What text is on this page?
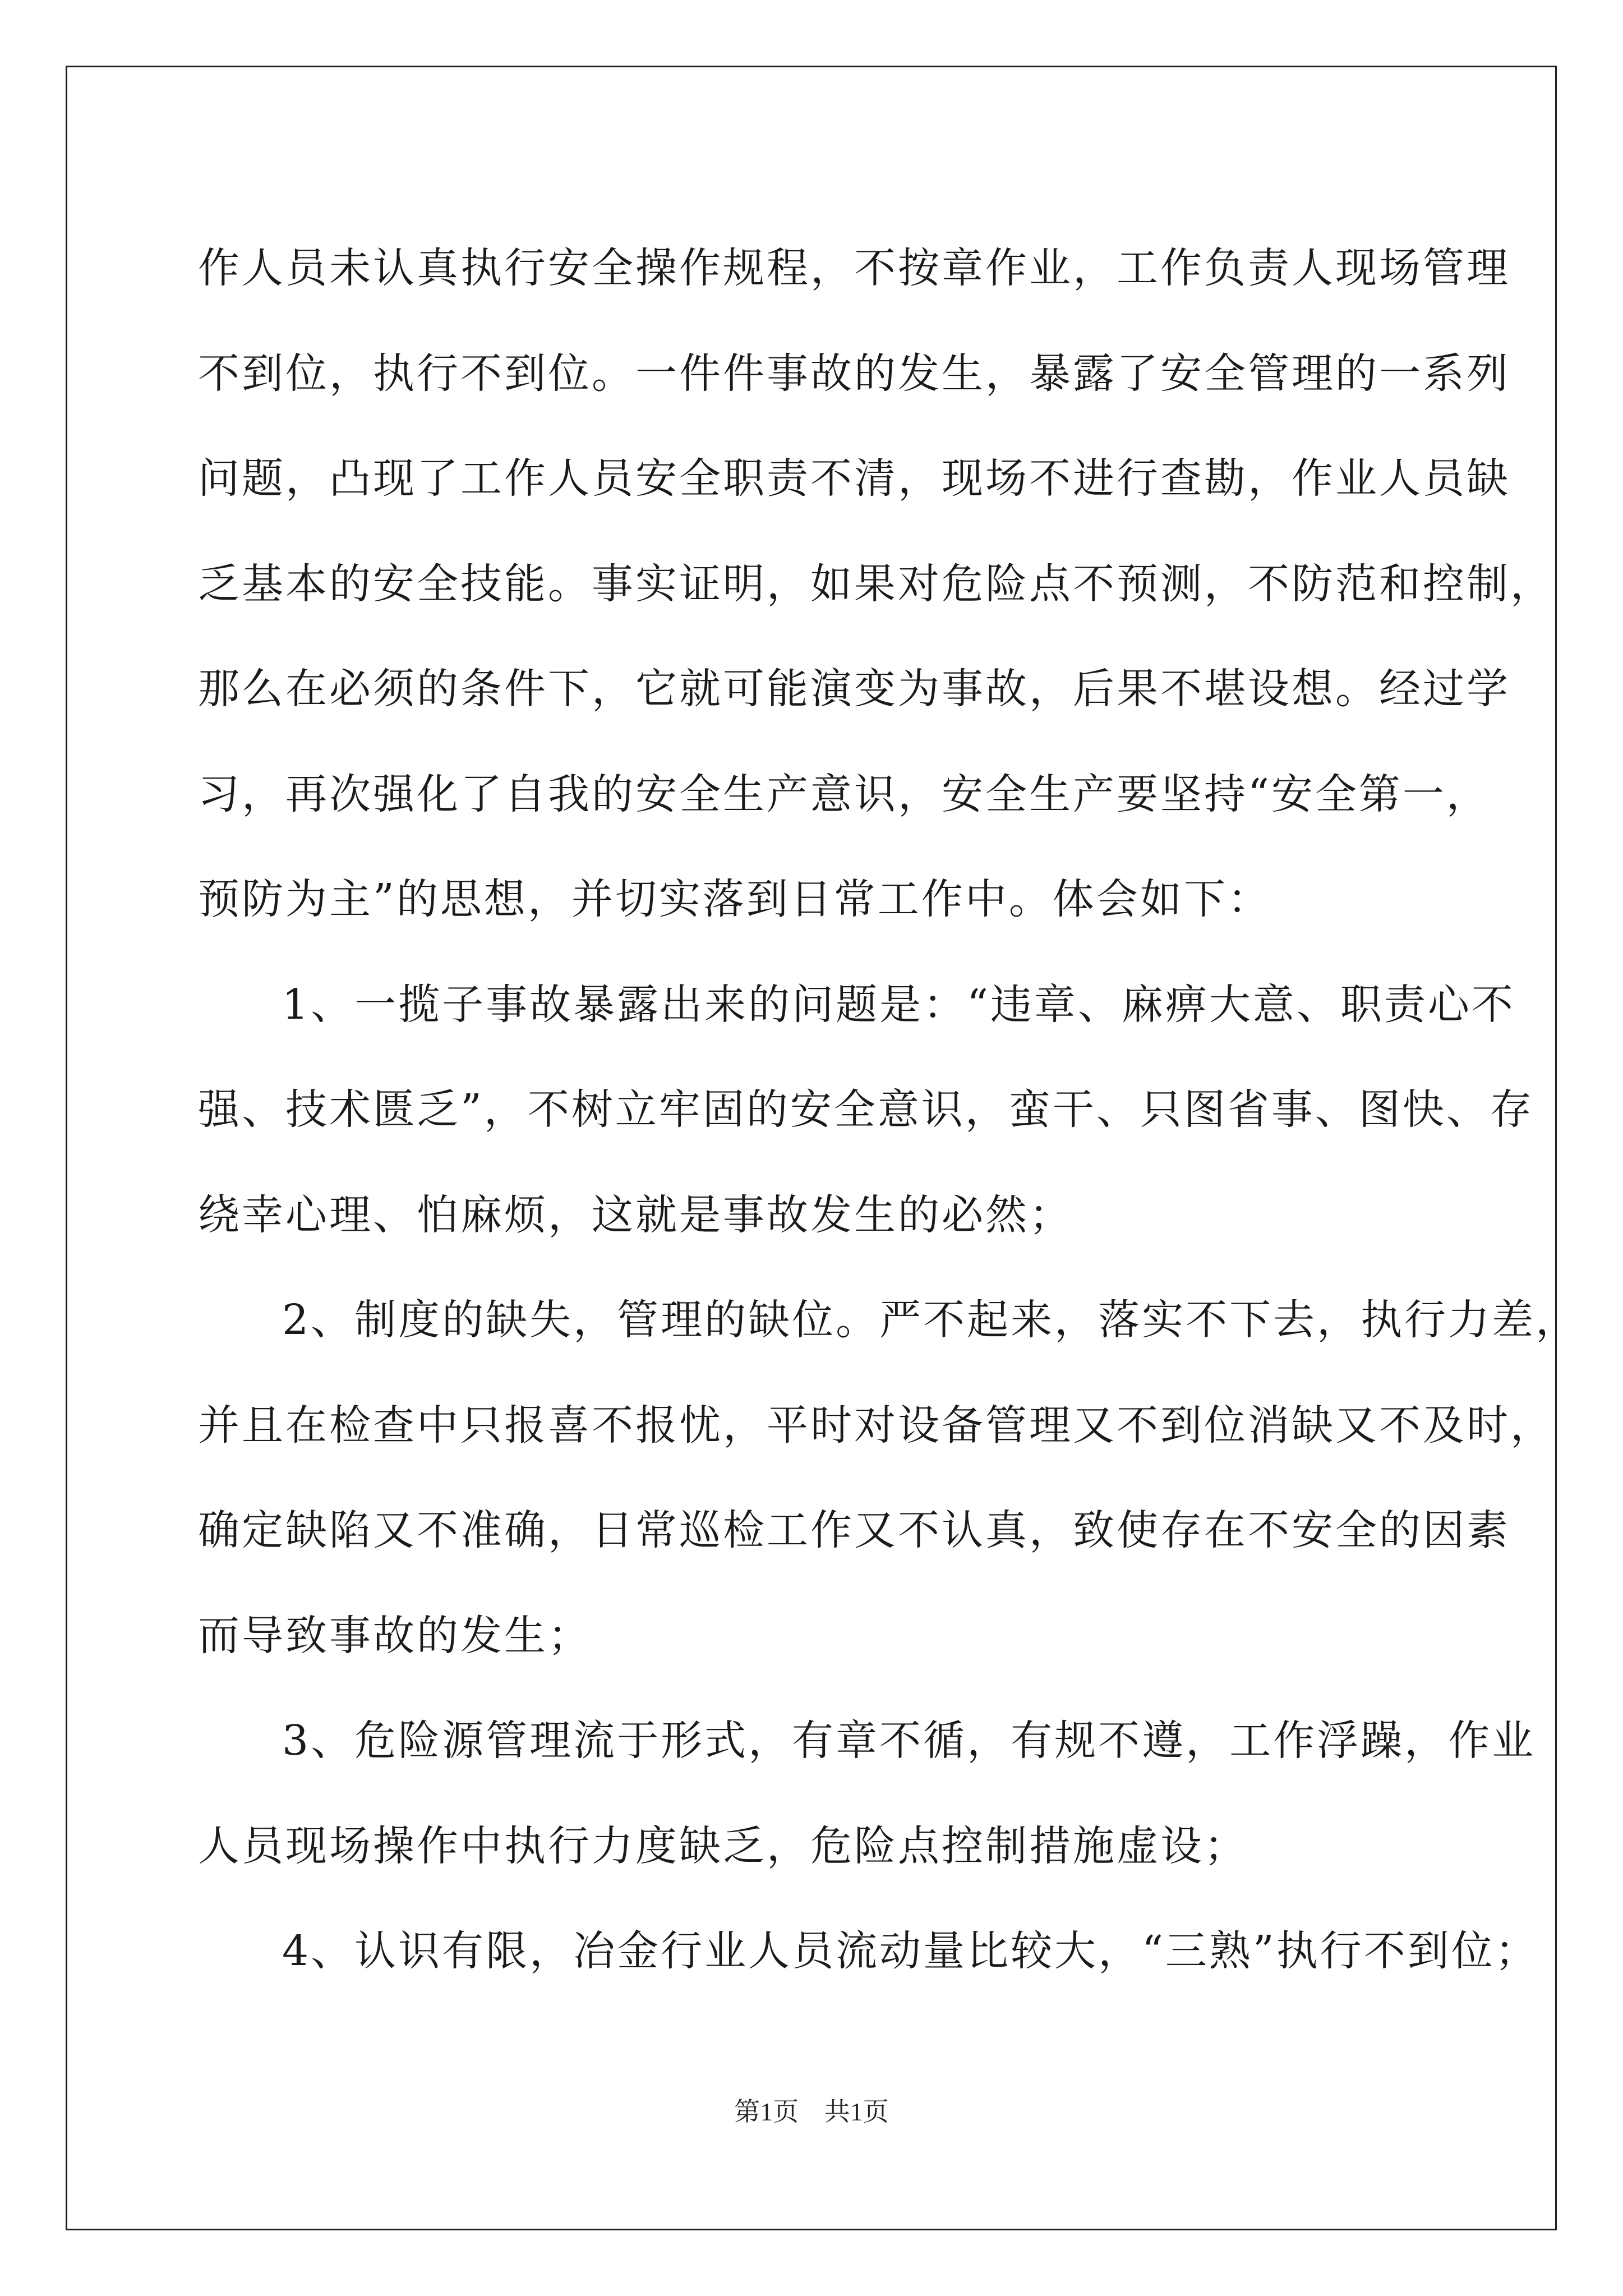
作人员未认真执行安全操作规程，不按章作业，工作负责人现场管理
不到位，执行不到位。一件件事故的发生，暴露了安全管理的一系列
问题，凸现了工作人员安全职责不清，现场不进行查勘，作业人员缺
乏基本的安全技能。事实证明，如果对危险点不预测，不防范和控制，
那么在必须的条件下，它就可能演变为事故，后果不堪设想。经过学
习，再次强化了自我的安全生产意识，安全生产要坚持“安全第一，
预防为主”的思想，并切实落到日常工作中。体会如下：
1、一揽子事故暴露出来的问题是：“违章、麻痹大意、职责心不
强、技术匮乏”，不树立牢固的安全意识，蛮干、只图省事、图快、存
绕幸心理、怕麻烦，这就是事故发生的必然；
2、制度的缺失，管理的缺位。严不起来，落实不下去，执行力差，
并且在检查中只报喜不报忧，平时对设备管理又不到位消缺又不及时，
确定缺陷又不准确，日常巡检工作又不认真，致使存在不安全的因素
而导致事故的发生；
3、危险源管理流于形式，有章不循，有规不遵，工作浮躁，作业
人员现场操作中执行力度缺乏，危险点控制措施虚设；
4、认识有限，冶金行业人员流动量比较大，“三熟”执行不到位；
第1页 共1页
